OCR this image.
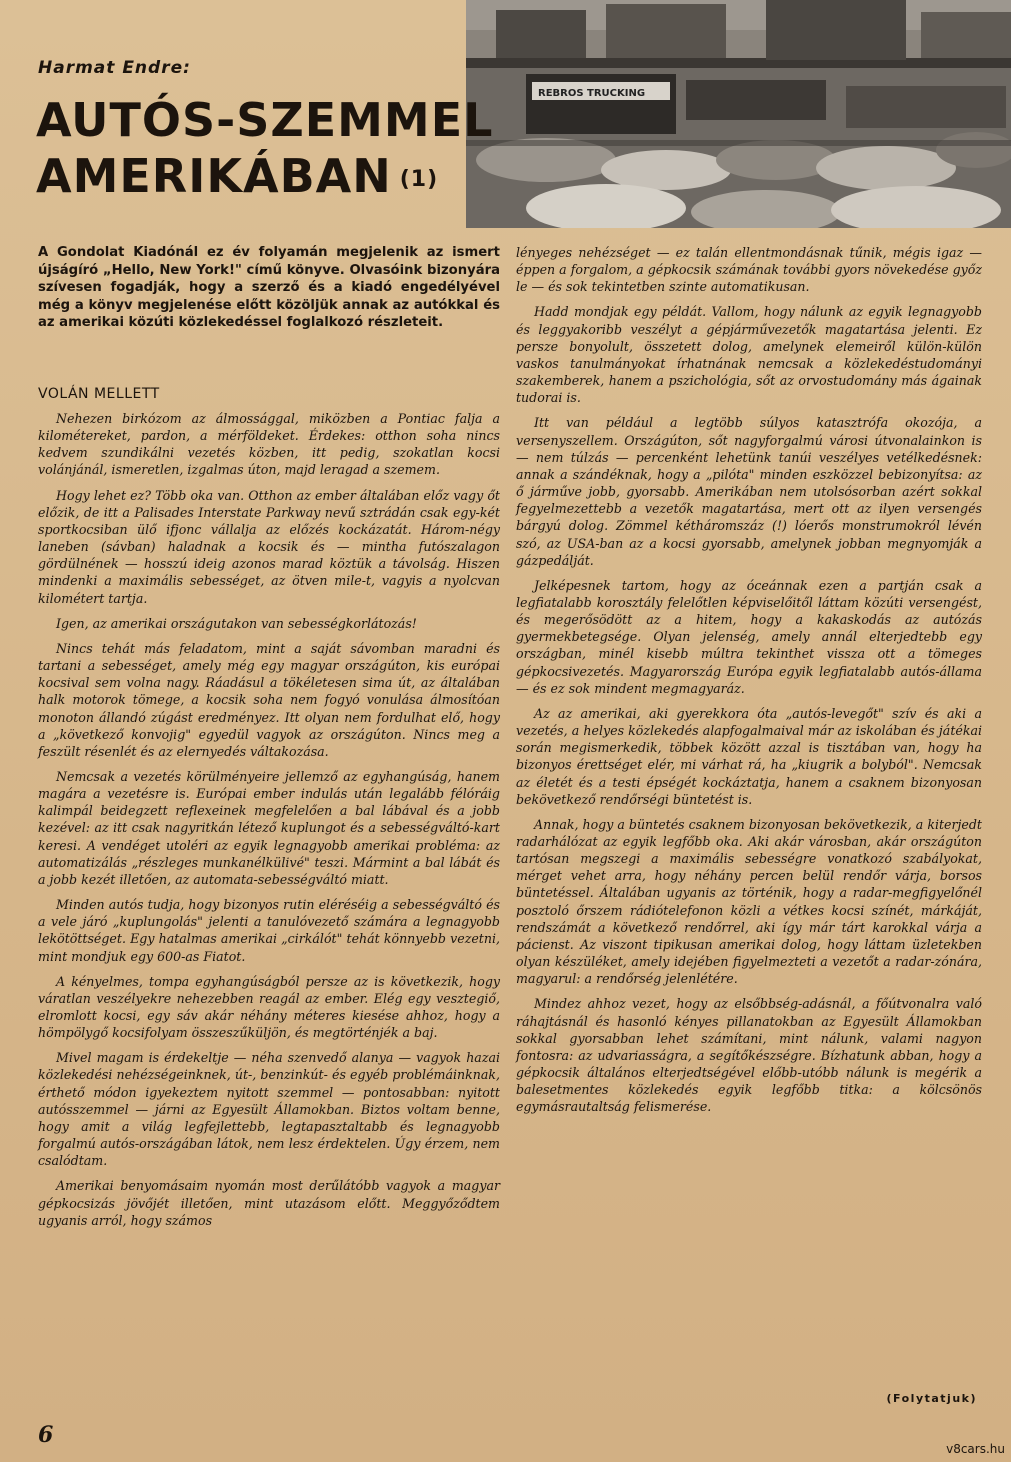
REBROS TRUCKING
Harmat Endre:
AUTÓS-SZEMMEL
AMERIKÁBAN (1)
A Gondolat Kiadónál ez év folyamán megjelenik az ismert újságíró „Hello, New York!" című könyve. Olvasóink bizonyára szívesen fogadják, hogy a szerző és a kiadó engedélyével még a könyv megjelenése előtt közöljük annak az autókkal és az amerikai közúti közlekedéssel foglalkozó részleteit.
VOLÁN MELLETT

Nehezen birkózom az álmossággal, miközben a Pontiac falja a kilométereket, pardon, a mérföldeket. Érdekes: otthon soha nincs kedvem szundikálni vezetés közben, itt pedig, szokatlan kocsi volánjánál, ismeretlen, izgalmas úton, majd leragad a szemem.

Hogy lehet ez? Több oka van. Otthon az ember általában előz vagy őt előzik, de itt a Palisades Interstate Parkway nevű sztrádán csak egy-két sportkocsiban ülő ifjonc vállalja az előzés kockázatát. Három-négy laneben (sávban) haladnak a kocsik és — mintha futószalagon gördülnének — hosszú ideig azonos marad köztük a távolság. Hiszen mindenki a maximális sebességet, az ötven mile-t, vagyis a nyolcvan kilométert tartja.

Igen, az amerikai országutakon van sebességkorlátozás!

Nincs tehát más feladatom, mint a saját sávomban maradni és tartani a sebességet, amely még egy magyar országúton, kis európai kocsival sem volna nagy. Ráadásul a tökéletesen sima út, az általában halk motorok tömege, a kocsik soha nem fogyó vonulása álmosítóan monoton állandó zúgást eredményez. Itt olyan nem fordulhat elő, hogy a „következő konvojig" egyedül vagyok az országúton. Nincs meg a feszült résenlét és az elernyedés váltakozása.

Nemcsak a vezetés körülményeire jellemző az egyhangúság, hanem magára a vezetésre is. Európai ember indulás után legalább félóráig kalimpál beidegzett reflexeinek megfelelően a bal lábával és a jobb kezével: az itt csak nagyritkán létező kuplungot és a sebességváltó-kart keresi. A vendéget utoléri az egyik legnagyobb amerikai probléma: az automatizálás „részleges munkanélkülivé" teszi. Mármint a bal lábát és a jobb kezét illetően, az automata-sebességváltó miatt.

Minden autós tudja, hogy bizonyos rutin eléréséig a sebességváltó és a vele járó „kuplungolás" jelenti a tanulóvezető számára a legnagyobb lekötöttséget. Egy hatalmas amerikai „cirkálót" tehát könnyebb vezetni, mint mondjuk egy 600-as Fiatot.

A kényelmes, tompa egyhangúságból persze az is következik, hogy váratlan veszélyekre nehezebben reagál az ember. Elég egy vesztegiő, elromlott kocsi, egy sáv akár néhány méteres kiesése ahhoz, hogy a hömpölygő kocsifolyam összeszűküljön, és megtörténjék a baj.

Mivel magam is érdekeltje — néha szenvedő alanya — vagyok hazai közlekedési nehézségeinknek, út-, benzinkút- és egyéb problémáinknak, érthető módon igyekeztem nyitott szemmel — pontosabban: nyitott autósszemmel — járni az Egyesült Államokban. Biztos voltam benne, hogy amit a világ legfejlettebb, legtapasztaltabb és legnagyobb forgalmú autós-országában látok, nem lesz érdektelen. Úgy érzem, nem csalódtam.

Amerikai benyomásaim nyomán most derűlátóbb vagyok a magyar gépkocsizás jövőjét illetően, mint utazásom előtt. Meggyőződtem ugyanis arról, hogy számos

lényeges nehézséget — ez talán ellentmondásnak tűnik, mégis igaz — éppen a forgalom, a gépkocsik számának további gyors növekedése győz le — és sok tekintetben szinte automatikusan.

Hadd mondjak egy példát. Vallom, hogy nálunk az egyik legnagyobb és leggyakoribb veszélyt a gépjárművezetők magatartása jelenti. Ez persze bonyolult, összetett dolog, amelynek elemeiről külön-külön vaskos tanulmányokat írhatnának nemcsak a közlekedéstudományi szakemberek, hanem a pszichológia, sőt az orvostudomány más ágainak tudorai is.

Itt van például a legtöbb súlyos katasztrófa okozója, a versenyszellem. Országúton, sőt nagyforgalmú városi útvonalainkon is — nem túlzás — percenként lehetünk tanúi veszélyes vetélkedésnek: annak a szándéknak, hogy a „pilóta" minden eszközzel bebizonyítsa: az ő járműve jobb, gyorsabb. Amerikában nem utolsósorban azért sokkal fegyelmezettebb a vezetők magatartása, mert ott az ilyen versengés bárgyú dolog. Zömmel kétháromszáz (!) lóerős monstrumokról lévén szó, az USA-ban az a kocsi gyorsabb, amelynek jobban megnyomják a gázpedálját.

Jelképesnek tartom, hogy az óceánnak ezen a partján csak a legfiatalabb korosztály felelőtlen képviselőitől láttam közúti versengést, és megerősödött az a hitem, hogy a kakaskodás az autózás gyermekbetegsége. Olyan jelenség, amely annál elterjedtebb egy országban, minél kisebb múltra tekinthet vissza ott a tömeges gépkocsivezetés. Magyarország Európa egyik legfiatalabb autós-állama — és ez sok mindent megmagyaráz.

Az az amerikai, aki gyerekkora óta „autós-levegőt" szív és aki a vezetés, a helyes közlekedés alapfogalmaival már az iskolában és játékai során megismerkedik, többek között azzal is tisztában van, hogy ha bizonyos érettséget elér, mi várhat rá, ha „kiugrik a bolyból". Nemcsak az életét és a testi épségét kockáztatja, hanem a csaknem bizonyosan bekövetkező rendőrségi büntetést is.

Annak, hogy a büntetés csaknem bizonyosan bekövetkezik, a kiterjedt radarhálózat az egyik legfőbb oka. Aki akár városban, akár országúton tartósan megszegi a maximális sebességre vonatkozó szabályokat, mérget vehet arra, hogy néhány percen belül rendőr várja, borsos büntetéssel. Általában ugyanis az történik, hogy a radar-megfigyelőnél posztoló őrszem rádiótelefonon közli a vétkes kocsi színét, márkáját, rendszámát a következő rendőrrel, aki így már tárt karokkal várja a pácienst. Az viszont tipikusan amerikai dolog, hogy láttam üzletekben olyan készüléket, amely idejében figyelmezteti a vezetőt a radar-zónára, magyarul: a rendőrség jelenlétére.

Mindez ahhoz vezet, hogy az elsőbbség-adásnál, a főútvonalra való ráhajtásnál és hasonló kényes pillanatokban az Egyesült Államokban sokkal gyorsabban lehet számítani, mint nálunk, valami nagyon fontosra: az udvariasságra, a segítőkészségre. Bízhatunk abban, hogy a gépkocsik általános elterjedtségével előbb-utóbb nálunk is megérik a balesetmentes közlekedés egyik legfőbb titka: a kölcsönös egymásrautaltság felismerése.

(Folytatjuk)
6
v8cars.hu
